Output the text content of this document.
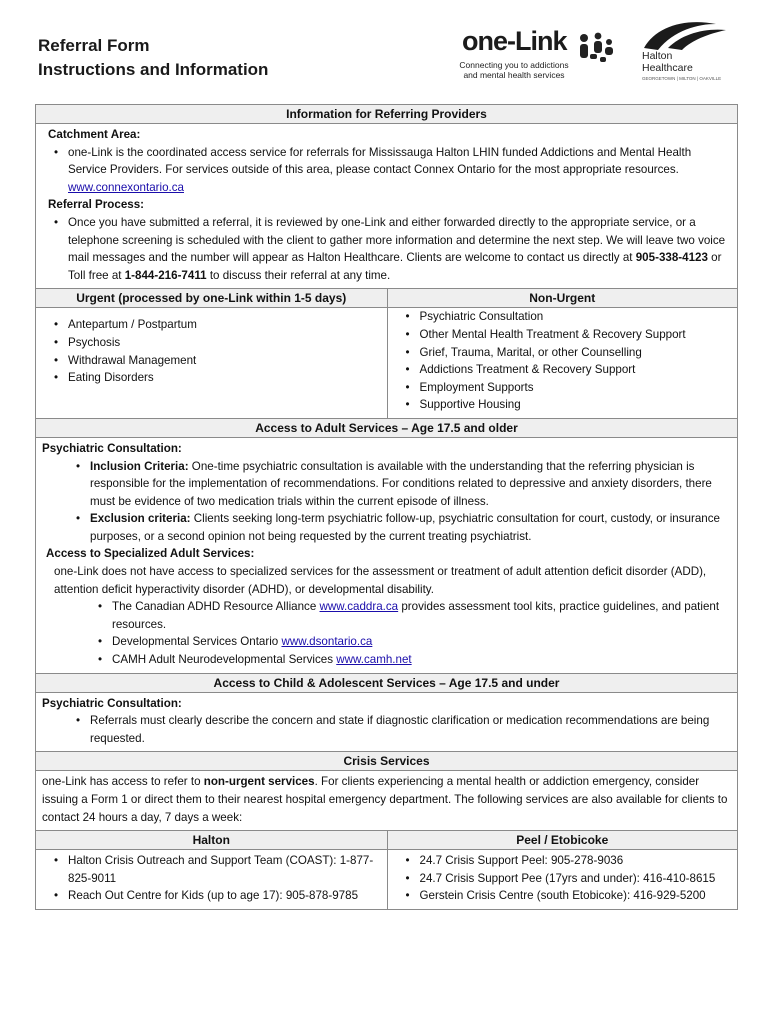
Referral Form
Instructions and Information
one-Link
Connecting you to addictions and mental health services
Halton
Healthcare
GEORGETOWN | MILTON | OAKVILLE
Information for Referring Providers
Catchment Area:
• one-Link is the coordinated access service for referrals for Mississauga Halton LHIN funded Addictions and Mental Health Service Providers. For services outside of this area, please contact Connex Ontario for the most appropriate resources. www.connexontario.ca
Referral Process:
• Once you have submitted a referral, it is reviewed by one-Link and either forwarded directly to the appropriate service, or a telephone screening is scheduled with the client to gather more information and determine the next step. We will leave two voice mail messages and the number will appear as Halton Healthcare. Clients are welcome to contact us directly at 905-338-4123 or Toll free at 1-844-216-7411 to discuss their referral at any time.
Urgent (processed by one-Link within 1-5 days)
• Antepartum / Postpartum
• Psychosis
• Withdrawal Management
• Eating Disorders
Non-Urgent
• Psychiatric Consultation
• Other Mental Health Treatment & Recovery Support
• Grief, Trauma, Marital, or other Counselling
• Addictions Treatment & Recovery Support
• Employment Supports
• Supportive Housing
Access to Adult Services – Age 17.5 and older
Psychiatric Consultation:
• Inclusion Criteria: One-time psychiatric consultation is available with the understanding that the referring physician is responsible for the implementation of recommendations. For conditions related to depressive and anxiety disorders, there must be evidence of two medication trials within the current episode of illness.
• Exclusion criteria: Clients seeking long-term psychiatric follow-up, psychiatric consultation for court, custody, or insurance purposes, or a second opinion not being requested by the current treating psychiatrist.
Access to Specialized Adult Services:
one-Link does not have access to specialized services for the assessment or treatment of adult attention deficit disorder (ADD), attention deficit hyperactivity disorder (ADHD), or developmental disability.
• The Canadian ADHD Resource Alliance www.caddra.ca provides assessment tool kits, practice guidelines, and patient resources.
• Developmental Services Ontario www.dsontario.ca
• CAMH Adult Neurodevelopmental Services www.camh.net
Access to Child & Adolescent Services – Age 17.5 and under
Psychiatric Consultation:
• Referrals must clearly describe the concern and state if diagnostic clarification or medication recommendations are being requested.
Crisis Services
one-Link has access to refer to non-urgent services. For clients experiencing a mental health or addiction emergency, consider issuing a Form 1 or direct them to their nearest hospital emergency department. The following services are also available for clients to contact 24 hours a day, 7 days a week:
Halton
• Halton Crisis Outreach and Support Team (COAST): 1-877-825-9011
• Reach Out Centre for Kids (up to age 17): 905-878-9785
Peel / Etobicoke
• 24.7 Crisis Support Peel: 905-278-9036
• 24.7 Crisis Support Pee (17yrs and under): 416-410-8615
• Gerstein Crisis Centre (south Etobicoke): 416-929-5200
